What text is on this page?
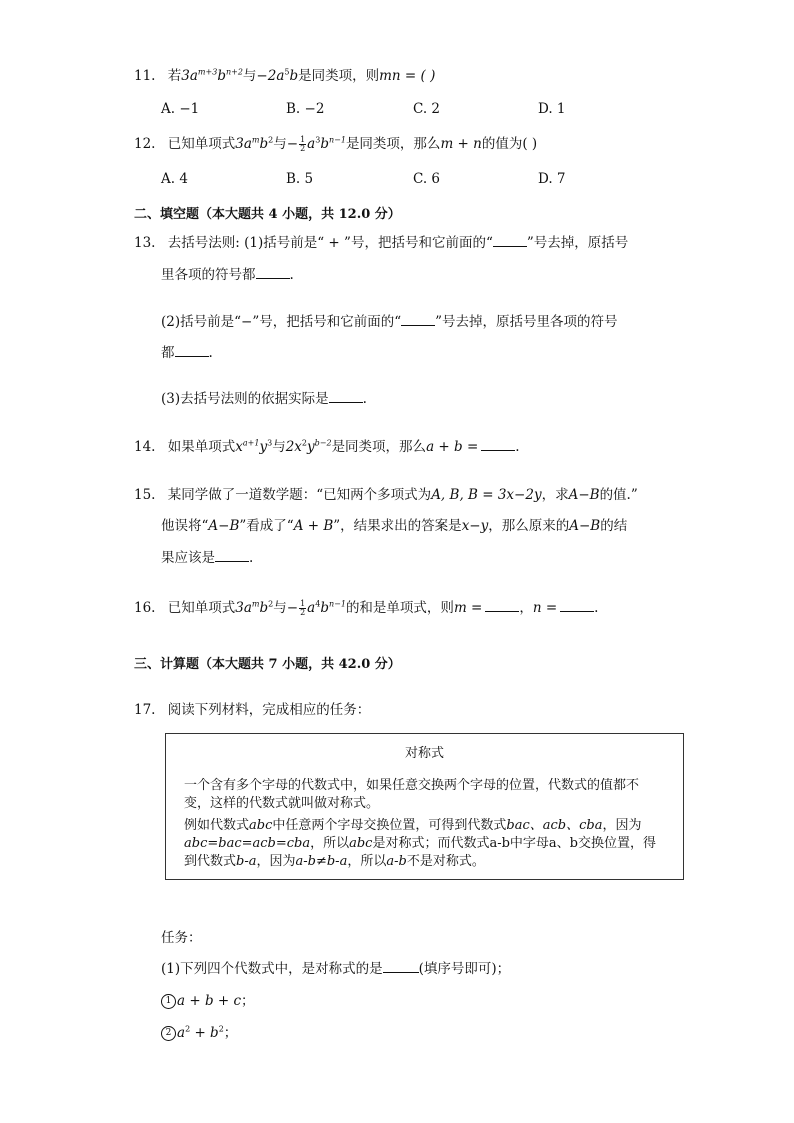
11. 若$3a^{m+3}b^{n+2}$与$-2a^5b$是同类项，则mn = ( )
A. −1	B. −2	C. 2	D. 1
12. 已知单项式$3a^mb^2$与− $\frac{1}{2} a^3b^{n-1}$是同类项，那么m + n的值为( )
A. 4	B. 5	C. 6	D. 7
二、填空题（本大题共 4 小题，共 12.0 分）
13. 去括号法则: (1)括号前是“ + ”号，把括号和它前面的“	”号去掉，原括号
里各项的符号都	.
(2)括号前是“−”号，把括号和它前面的“	”号去掉，原括号里各项的符号
都	.
(3)去括号法则的依据实际是	.
14. 如果单项式$x^{a+1}y^3$与$2x^2y^{b-2}$是同类项，那么a + b =	.
15. 某同学做了一道数学题：“已知两个多项式为A, B, B = 3x−2y，求A−B的值.”
他误将“A−B”看成了“A + B”，结果求出的答案是x−y，那么原来的A−B的结
果应该是	.
16. 已知单项式$3a^mb^2$与− $\frac{1}{2} a^4b^{n-1}$的和是单项式，则m =	，n =	.
三、计算题（本大题共 7 小题，共 42.0 分）
17. 阅读下列材料，完成相应的任务：
对称式
一个含有多个字母的代数式中，如果任意交换两个字母的位置，代数式的值都不
变，这样的代数式就叫做对称式。
例如代数式abc中任意两个字母交换位置，可得到代数式bac、acb、cba，因为
abc=bac=acb=cba，所以abc是对称式；而代数式a-b中字母a、b交换位置，得
到代数式b-a，因为a-b≠b-a，所以a-b不是对称式。
任务：
(1)下列四个代数式中，是对称式的是	(填序号即可)；
1 a + b + c；
2 $a^2 + b^2$；
